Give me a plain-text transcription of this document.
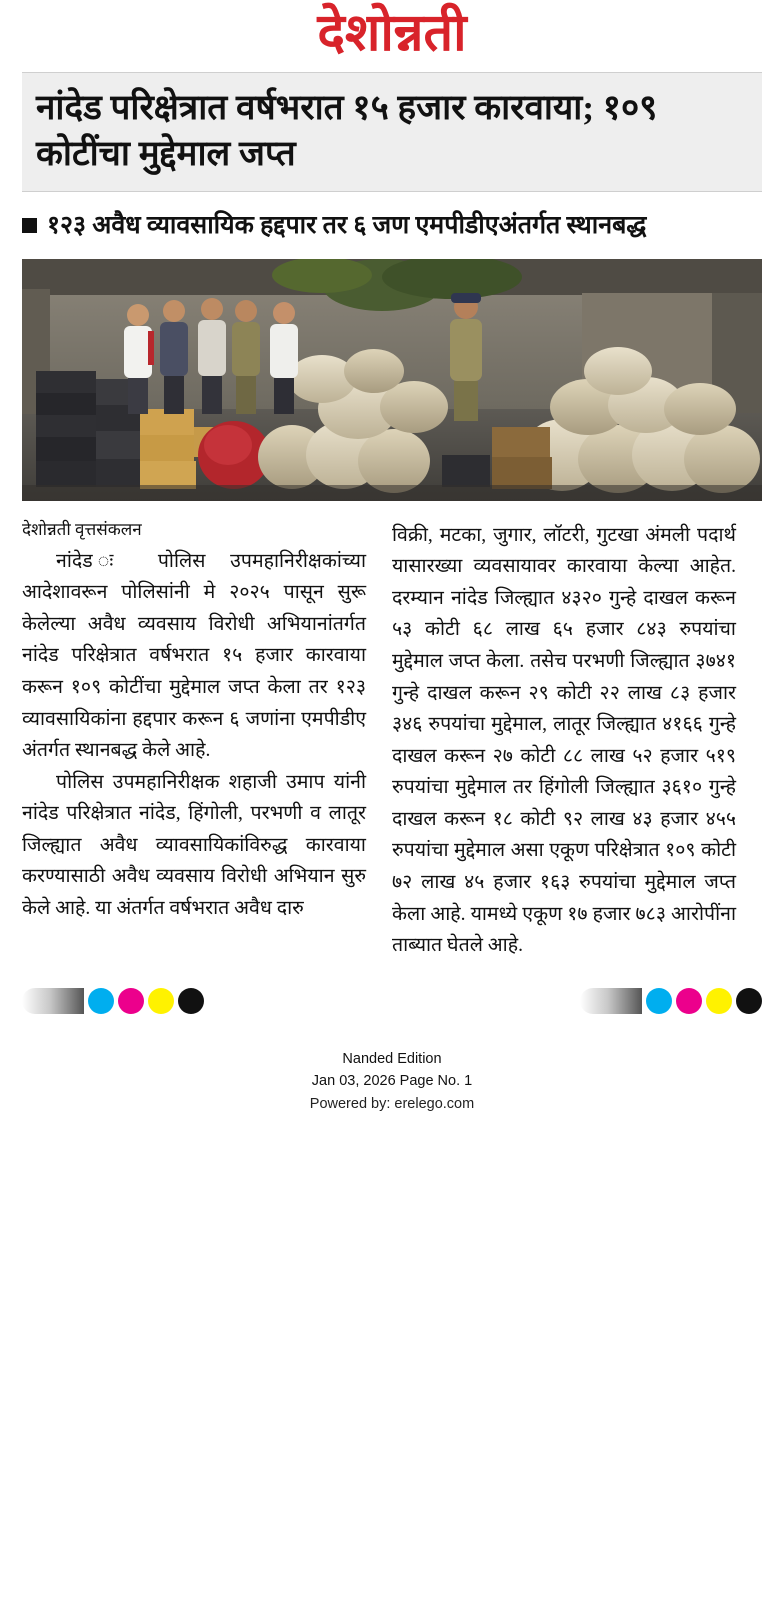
देशोन्नती
नांदेड परिक्षेत्रात वर्षभरात १५ हजार कारवाया; १०९ कोटींचा मुद्देमाल जप्त
१२३ अवैध व्यावसायिक हद्दपार तर ६ जण एमपीडीएअंतर्गत स्थानबद्ध
देशोन्नती वृत्तसंकलन

नांदेड ः पोलिस उपमहानिरीक्षकांच्या आदेशावरून पोलिसांनी मे २०२५ पासून सुरू केलेल्या अवैध व्यवसाय विरोधी अभियानांतर्गत नांदेड परिक्षेत्रात वर्षभरात १५ हजार कारवाया करून १०९ कोटींचा मुद्देमाल जप्त केला तर १२३ व्यावसायिकांना हद्दपार करून ६ जणांना एमपीडीए अंतर्गत स्थानबद्ध केले आहे.

पोलिस उपमहानिरीक्षक शहाजी उमाप यांनी नांदेड परिक्षेत्रात नांदेड, हिंगोली, परभणी व लातूर जिल्ह्यात अवैध व्यावसायिकांविरुद्ध कारवाया करण्यासाठी अवैध व्यवसाय विरोधी अभियान सुरु केले आहे. या अंतर्गत वर्षभरात अवैध दारु

विक्री, मटका, जुगार, लॉटरी, गुटखा अंमली पदार्थ यासारख्या व्यवसायावर कारवाया केल्या आहेत. दरम्यान नांदेड जिल्ह्यात ४३२० गुन्हे दाखल करून ५३ कोटी ६८ लाख ६५ हजार ८४३ रुपयांचा मुद्देमाल जप्त केला. तसेच परभणी जिल्ह्यात ३७४१ गुन्हे दाखल करून २९ कोटी २२ लाख ८३ हजार ३४६ रुपयांचा मुद्देमाल, लातूर जिल्ह्यात ४१६६ गुन्हे दाखल करून २७ कोटी ८८ लाख ५२ हजार ५१९ रुपयांचा मुद्देमाल तर हिंगोली जिल्ह्यात ३६१० गुन्हे दाखल करून १८ कोटी ९२ लाख ४३ हजार ४५५ रुपयांचा मुद्देमाल असा एकूण परिक्षेत्रात १०९ कोटी ७२ लाख ४५ हजार १६३ रुपयांचा मुद्देमाल जप्त केला आहे. यामध्ये एकूण १७ हजार ७८३ आरोपींना ताब्यात घेतले आहे.

Nanded Edition
Jan 03, 2026 Page No. 1
Powered by: erelego.com
